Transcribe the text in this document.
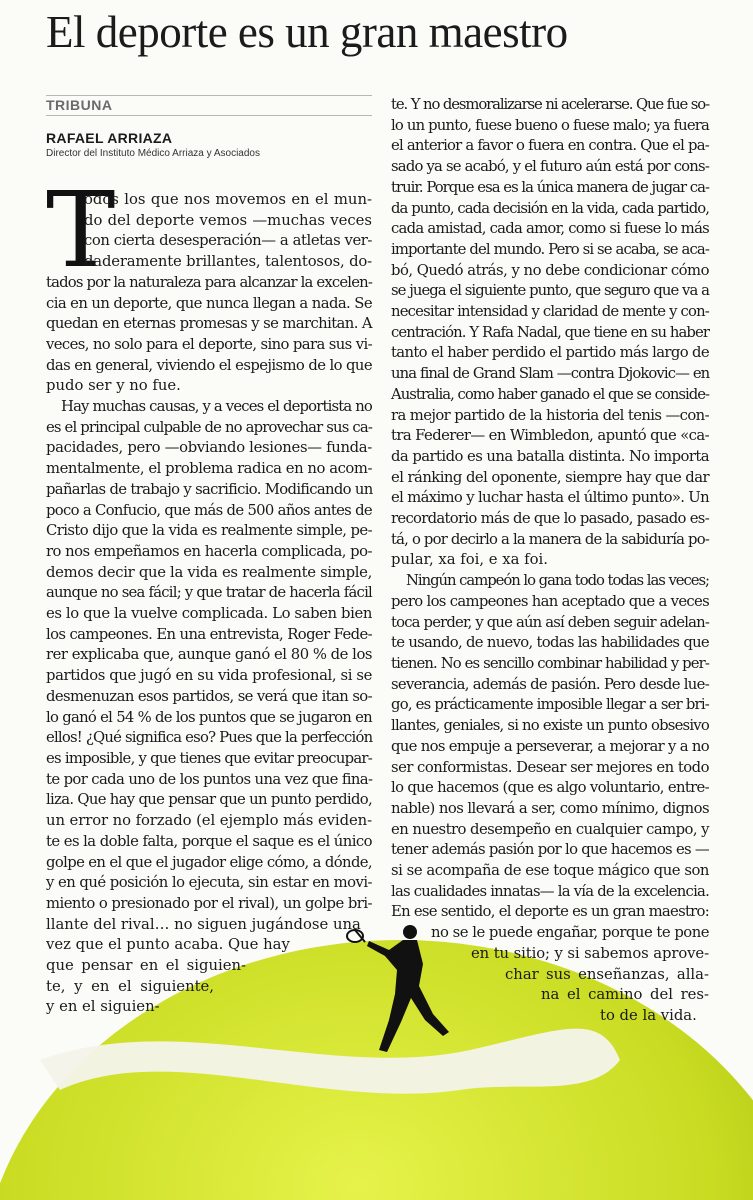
El deporte es un gran maestro
TRIBUNA
RAFAEL ARRIAZA
Director del Instituto Médico Arriaza y Asociados
T
odos los que nos movemos en el mun-
do del deporte vemos —muchas veces
con cierta desesperación— a atletas ver-
daderamente brillantes, talentosos, do-
tados por la naturaleza para alcanzar la excelen-
cia en un deporte, que nunca llegan a nada. Se
quedan en eternas promesas y se marchitan. A
veces, no solo para el deporte, sino para sus vi-
das en general, viviendo el espejismo de lo que
pudo ser y no fue.
Hay muchas causas, y a veces el deportista no
es el principal culpable de no aprovechar sus ca-
pacidades, pero —obviando lesiones— funda-
mentalmente, el problema radica en no acom-
pañarlas de trabajo y sacrificio. Modificando un
poco a Confucio, que más de 500 años antes de
Cristo dijo que la vida es realmente simple, pe-
ro nos empeñamos en hacerla complicada, po-
demos decir que la vida es realmente simple,
aunque no sea fácil; y que tratar de hacerla fácil
es lo que la vuelve complicada. Lo saben bien
los campeones. En una entrevista, Roger Fede-
rer explicaba que, aunque ganó el 80 % de los
partidos que jugó en su vida profesional, si se
desmenuzan esos partidos, se verá que itan so-
lo ganó el 54 % de los puntos que se jugaron en
ellos! ¿Qué significa eso? Pues que la perfección
es imposible, y que tienes que evitar preocupar-
te por cada uno de los puntos una vez que fina-
liza. Que hay que pensar que un punto perdido,
un error no forzado (el ejemplo más eviden-
te es la doble falta, porque el saque es el único
golpe en el que el jugador elige cómo, a dónde,
y en qué posición lo ejecuta, sin estar en movi-
miento o presionado por el rival), un golpe bri-
llante del rival… no siguen jugándose una
vez que el punto acaba. Que hay
que pensar en el siguien-
te, y en el siguiente,
y en el siguien-
te. Y no desmoralizarse ni acelerarse. Que fue so-
lo un punto, fuese bueno o fuese malo; ya fuera
el anterior a favor o fuera en contra. Que el pa-
sado ya se acabó, y el futuro aún está por cons-
truir. Porque esa es la única manera de jugar ca-
da punto, cada decisión en la vida, cada partido,
cada amistad, cada amor, como si fuese lo más
importante del mundo. Pero si se acaba, se aca-
bó, Quedó atrás, y no debe condicionar cómo
se juega el siguiente punto, que seguro que va a
necesitar intensidad y claridad de mente y con-
centración. Y Rafa Nadal, que tiene en su haber
tanto el haber perdido el partido más largo de
una final de Grand Slam —contra Djokovic— en
Australia, como haber ganado el que se conside-
ra mejor partido de la historia del tenis —con-
tra Federer— en Wimbledon, apuntó que «ca-
da partido es una batalla distinta. No importa
el ránking del oponente, siempre hay que dar
el máximo y luchar hasta el último punto». Un
recordatorio más de que lo pasado, pasado es-
tá, o por decirlo a la manera de la sabiduría po-
pular, xa foi, e xa foi.
Ningún campeón lo gana todo todas las veces;
pero los campeones han aceptado que a veces
toca perder, y que aún así deben seguir adelan-
te usando, de nuevo, todas las habilidades que
tienen. No es sencillo combinar habilidad y per-
severancia, además de pasión. Pero desde lue-
go, es prácticamente imposible llegar a ser bri-
llantes, geniales, si no existe un punto obsesivo
que nos empuje a perseverar, a mejorar y a no
ser conformistas. Desear ser mejores en todo
lo que hacemos (que es algo voluntario, entre-
nable) nos llevará a ser, como mínimo, dignos
en nuestro desempeño en cualquier campo, y
tener además pasión por lo que hacemos es —
si se acompaña de ese toque mágico que son
las cualidades innatas— la vía de la excelencia.
En ese sentido, el deporte es un gran maestro:
no se le puede engañar, porque te pone
en tu sitio; y si sabemos aprove-
char sus enseñanzas, alla-
na el camino del res-
to de la vida.
